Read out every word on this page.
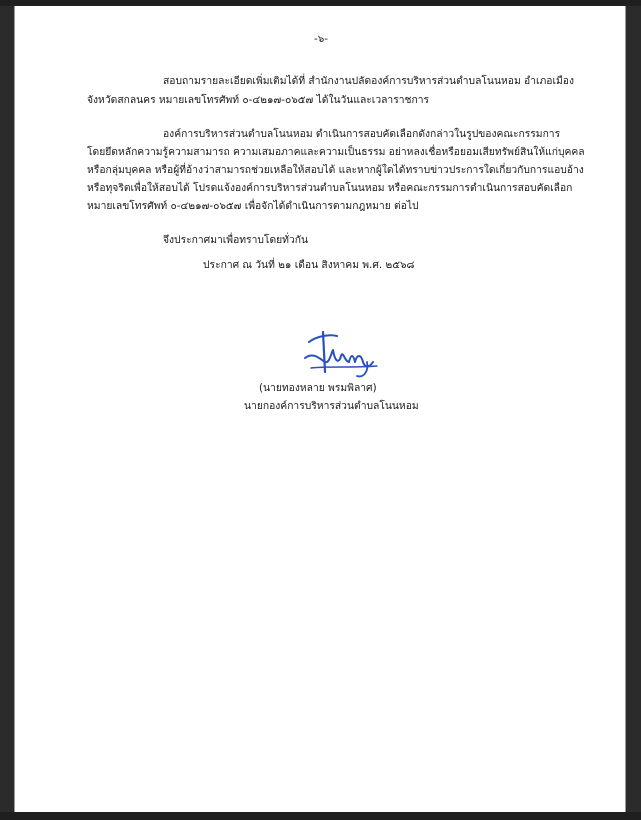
-๖-
สอบถามรายละเอียดเพิ่มเติมได้ที่ สำนักงานปลัดองค์การบริหารส่วนตำบลโนนหอม อำเภอเมือง
จังหวัดสกลนคร หมายเลขโทรศัพท์ ๐-๔๒๑๗-๐๖๕๗ ได้ในวันและเวลาราชการ
องค์การบริหารส่วนตำบลโนนหอม ดำเนินการสอบคัดเลือกดังกล่าวในรูปของคณะกรรมการ
โดยยึดหลักความรู้ความสามารถ ความเสมอภาคและความเป็นธรรม อย่าหลงเชื่อหรือยอมเสียทรัพย์สินให้แก่บุคคล
หรือกลุ่มบุคคล หรือผู้ที่อ้างว่าสามารถช่วยเหลือให้สอบได้ และหากผู้ใดได้ทราบข่าวประการใดเกี่ยวกับการแอบอ้าง
หรือทุจริตเพื่อให้สอบได้ โปรดแจ้งองค์การบริหารส่วนตำบลโนนหอม หรือคณะกรรมการดำเนินการสอบคัดเลือก
หมายเลขโทรศัพท์ ๐-๔๒๑๗-๐๖๕๗ เพื่อจักได้ดำเนินการตามกฎหมาย ต่อไป
จึงประกาศมาเพื่อทราบโดยทั่วกัน
ประกาศ ณ วันที่ ๒๑ เดือน สิงหาคม พ.ศ. ๒๕๖๘
(นายทองหลาย พรมพิลาศ)
นายกองค์การบริหารส่วนตำบลโนนหอม
